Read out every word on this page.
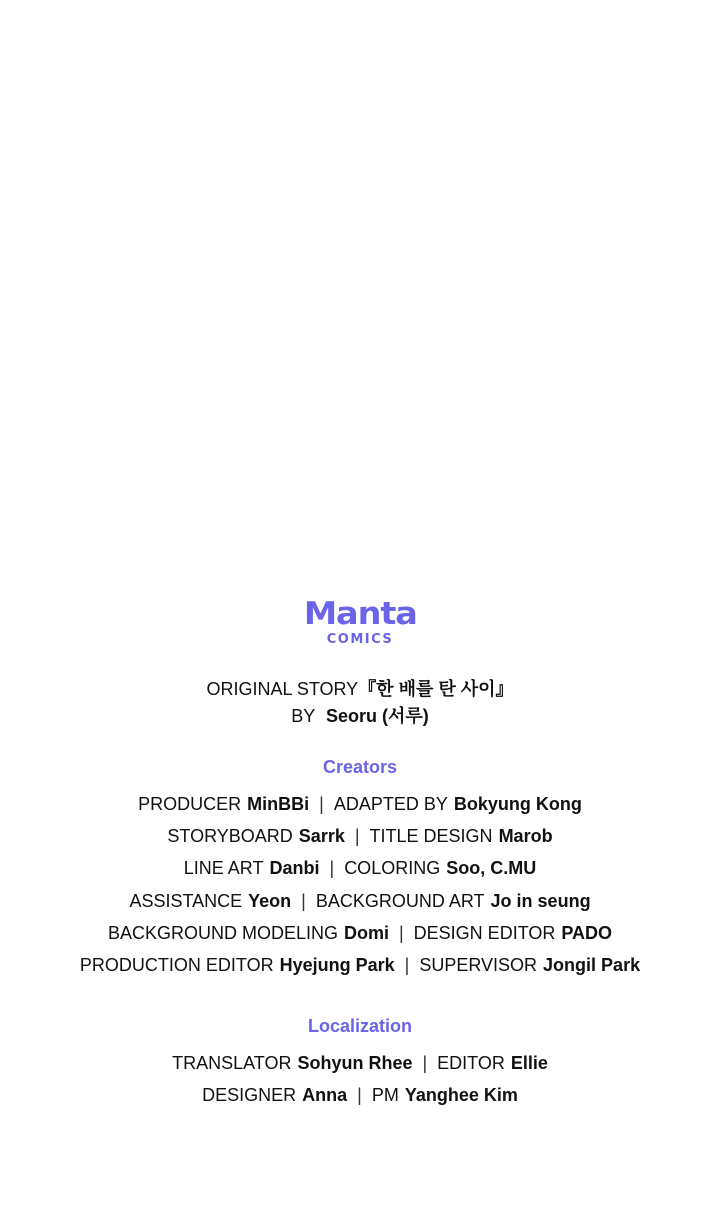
Manta
COMICS
ORIGINAL STORY『한 배를 탄 사이』
BY Seoru (서루)
Creators
PRODUCER MinBBi | ADAPTED BY Bokyung Kong
STORYBOARD Sarrk | TITLE DESIGN Marob
LINE ART Danbi | COLORING Soo, C.MU
ASSISTANCE Yeon | BACKGROUND ART Jo in seung
BACKGROUND MODELING Domi | DESIGN EDITOR PADO
PRODUCTION EDITOR Hyejung Park | SUPERVISOR Jongil Park
Localization
TRANSLATOR Sohyun Rhee | EDITOR Ellie
DESIGNER Anna | PM Yanghee Kim
